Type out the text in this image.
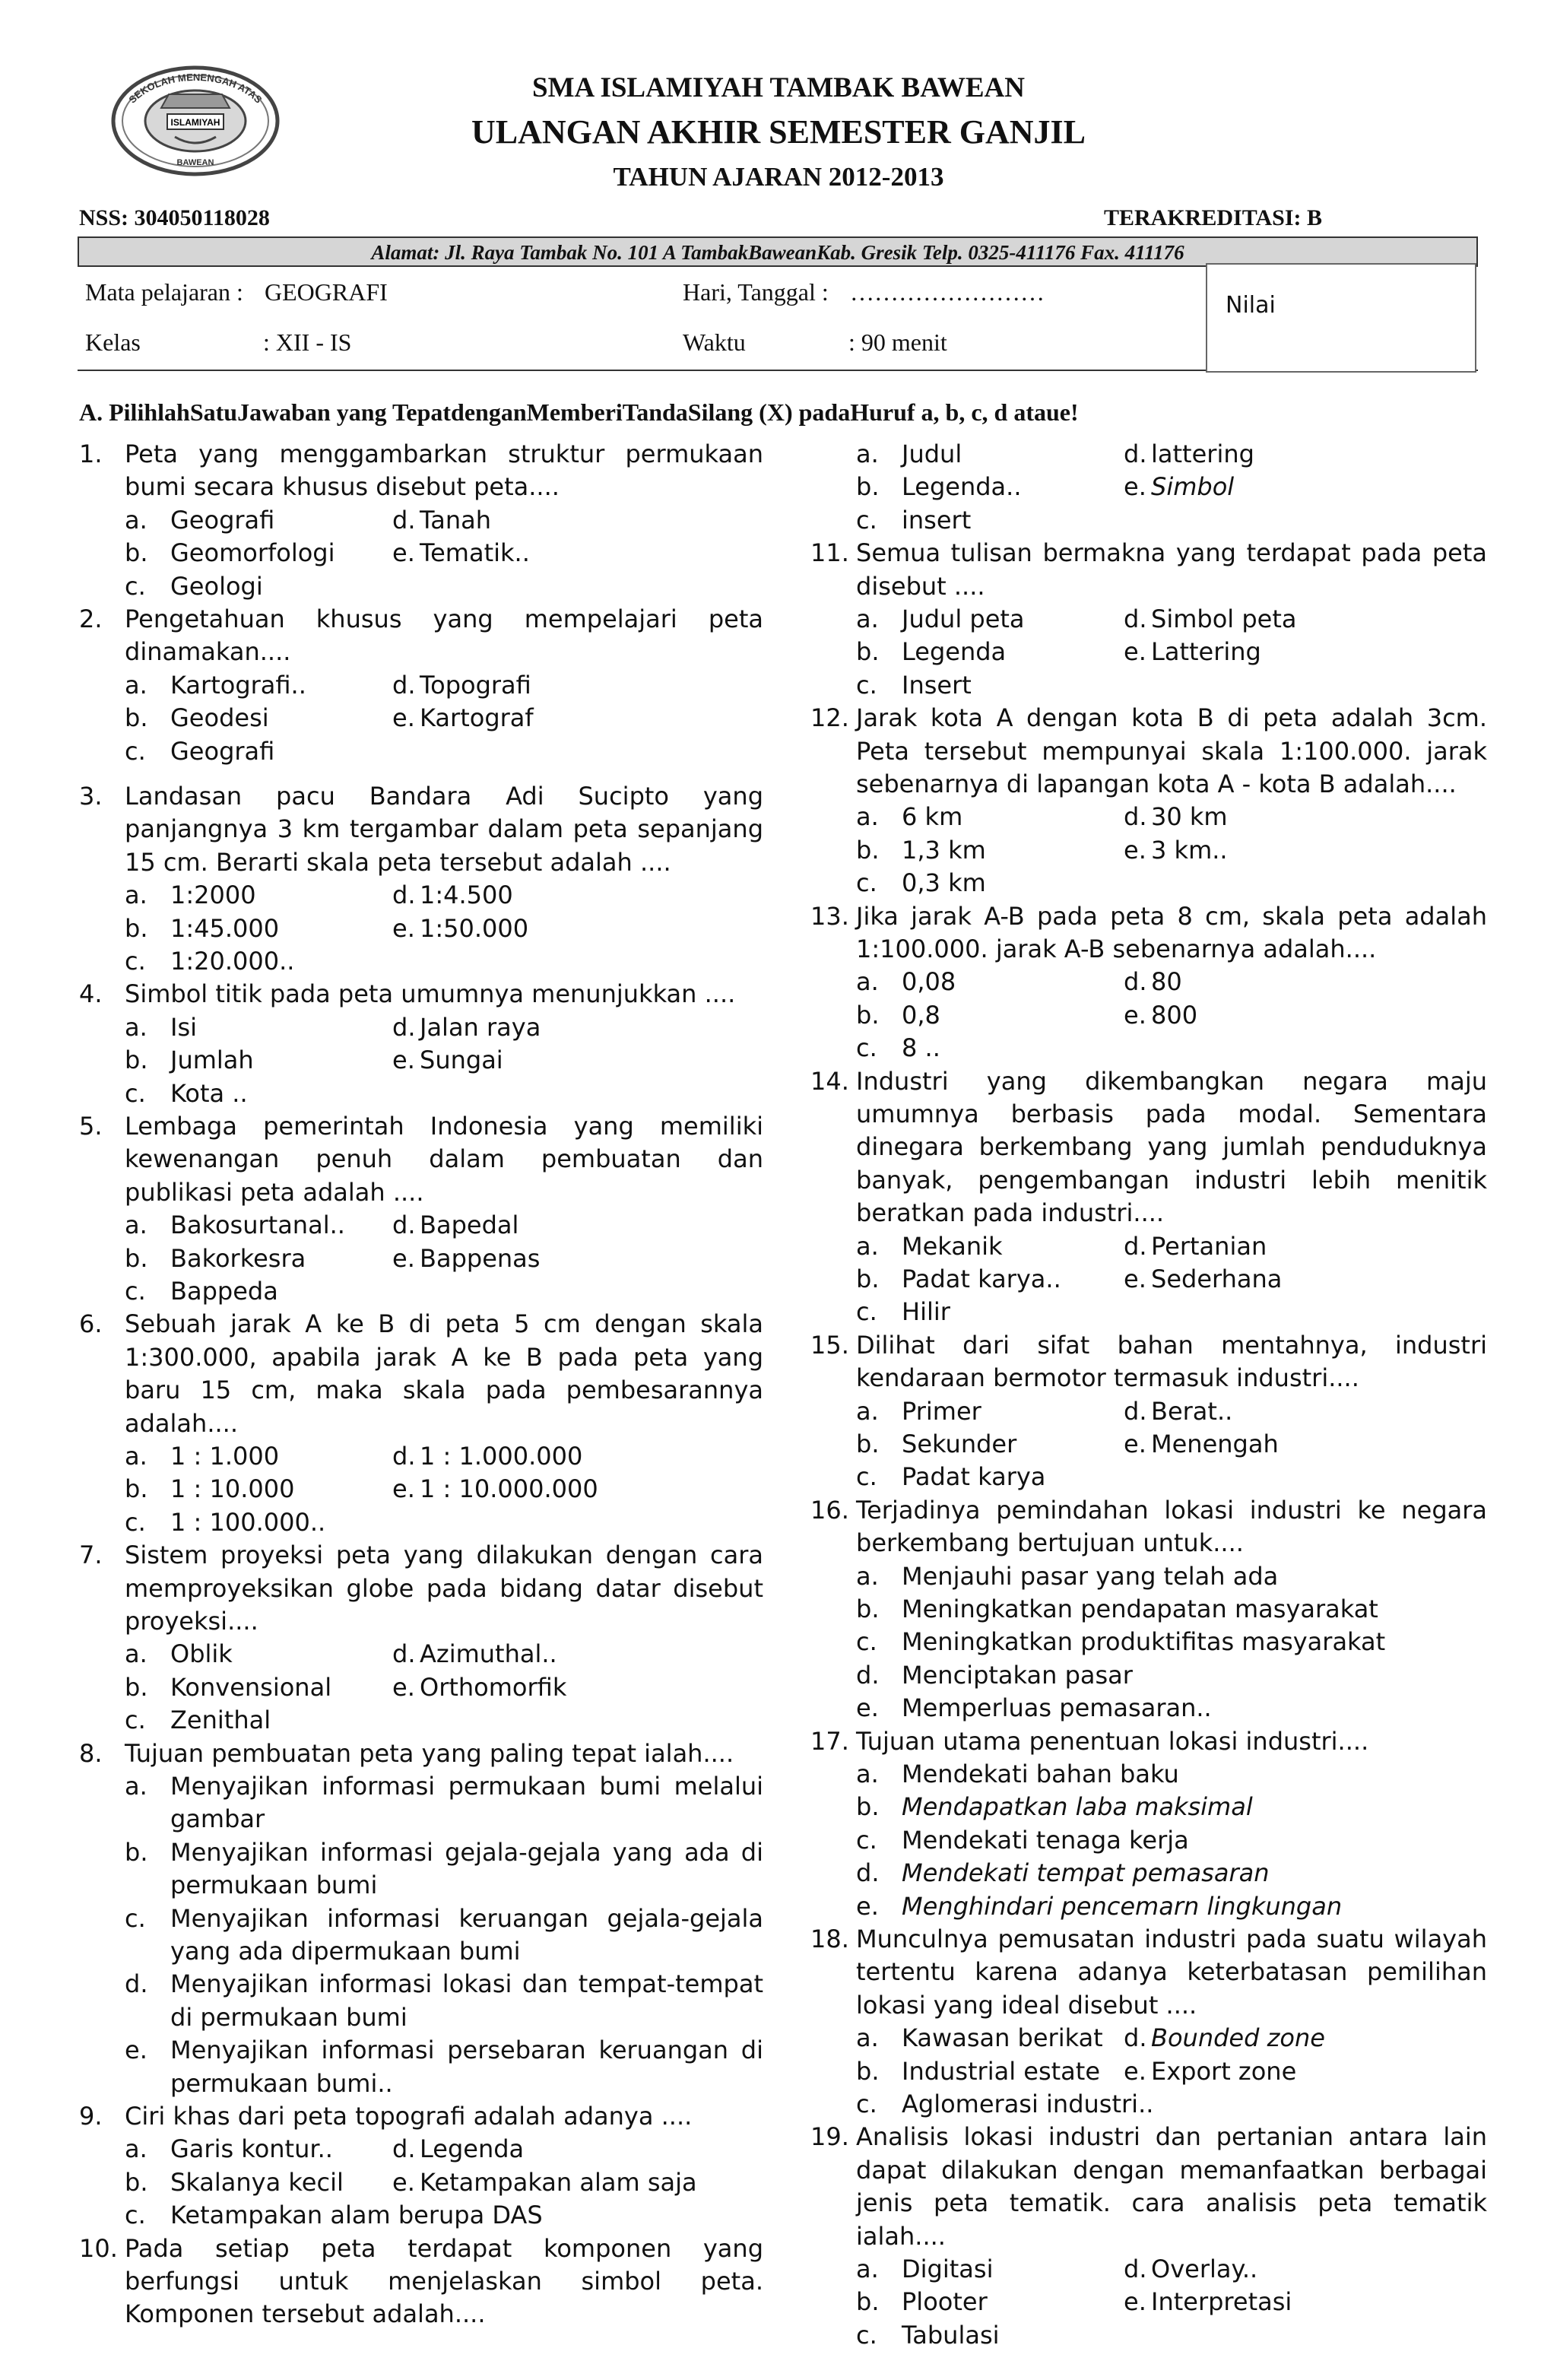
ISLAMIYAH
SEKOLAH MENENGAH ATAS
BAWEAN
SMA ISLAMIYAH TAMBAK BAWEAN
ULANGAN AKHIR SEMESTER GANJIL
TAHUN AJARAN 2012-2013
NSS: 304050118028	TERAKREDITASI: B
Alamat: Jl. Raya Tambak No. 101 A TambakBaweanKab. Gresik Telp. 0325-411176 Fax. 411176
Mata pelajaran : GEOGRAFI
Kelas	: XII - IS
Hari, Tanggal : ……………………
Waktu	: 90 menit
Nilai
A. PilihlahSatuJawaban yang TepatdenganMemberiTandaSilang (X) padaHuruf a, b, c, d ataue!
1. Peta yang menggambarkan struktur permukaan bumi secara khusus disebut peta....
a. Geografi
b. Geomorfologi
c. Geologi
d. Tanah
e. Tematik..
2. Pengetahuan khusus yang mempelajari peta dinamakan....
a. Kartografi..
b. Geodesi
c. Geografi
d. Topografi
e. Kartograf
3. Landasan pacu Bandara Adi Sucipto yang panjangnya 3 km tergambar dalam peta sepanjang 15 cm. Berarti skala peta tersebut adalah ....
a. 1:2000
b. 1:45.000
c. 1:20.000..
d. 1:4.500
e. 1:50.000
4. Simbol titik pada peta umumnya menunjukkan ....
a. Isi
b. Jumlah
c. Kota ..
d. Jalan raya
e. Sungai
5. Lembaga pemerintah Indonesia yang memiliki kewenangan penuh dalam pembuatan dan publikasi peta adalah ....
a. Bakosurtanal..
b. Bakorkesra
c. Bappeda
d. Bapedal
e. Bappenas
6. Sebuah jarak A ke B di peta 5 cm dengan skala 1:300.000, apabila jarak A ke B pada peta yang baru 15 cm, maka skala pada pembesarannya adalah....
a. 1 : 1.000
b. 1 : 10.000
c. 1 : 100.000..
d. 1 : 1.000.000
e. 1 : 10.000.000
7. Sistem proyeksi peta yang dilakukan dengan cara memproyeksikan globe pada bidang datar disebut proyeksi....
a. Oblik
b. Konvensional
c. Zenithal
d. Azimuthal..
e. Orthomorfik
8. Tujuan pembuatan peta yang paling tepat ialah....
a. Menyajikan informasi permukaan bumi melalui gambar
b. Menyajikan informasi gejala-gejala yang ada di permukaan bumi
c.	Menyajikan informasi keruangan gejala-gejala yang ada dipermukaan bumi
d. Menyajikan informasi lokasi dan tempat-tempat di permukaan bumi
e. Menyajikan informasi persebaran keruangan di permukaan bumi..
9. Ciri khas dari peta topografi adalah adanya ....
a. Garis kontur..
b. Skalanya kecil
c. Ketampakan alam berupa DAS
d. Legenda
e. Ketampakan alam saja
10. Pada setiap peta terdapat komponen yang berfungsi untuk menjelaskan simbol peta. Komponen tersebut adalah....
a. Judul
b. Legenda..
c. insert
d. lattering
e. Simbol
11. Semua tulisan bermakna yang terdapat pada peta disebut ....
a. Judul peta
b. Legenda
c. Insert
d. Simbol peta
e. Lattering
12. Jarak kota A dengan kota B di peta adalah 3cm. Peta tersebut mempunyai skala 1:100.000. jarak sebenarnya di lapangan kota A - kota B adalah....
a. 6 km
b. 1,3 km
c. 0,3 km
d. 30 km
e. 3 km..
13. Jika jarak A-B pada peta 8 cm, skala peta adalah 1:100.000. jarak A-B sebenarnya adalah....
a. 0,08
b. 0,8
c. 8 ..
d. 80
e. 800
14. Industri yang dikembangkan negara maju umumnya berbasis pada modal. Sementara dinegara berkembang yang jumlah penduduknya banyak, pengembangan industri lebih menitik beratkan pada industri....
a. Mekanik
b. Padat karya..
c. Hilir
d. Pertanian
e. Sederhana
15. Dilihat dari sifat bahan mentahnya, industri kendaraan bermotor termasuk industri....
a. Primer
b. Sekunder
c. Padat karya
d. Berat..
e. Menengah
16. Terjadinya pemindahan lokasi industri ke negara berkembang bertujuan untuk....
a. Menjauhi pasar yang telah ada
b. Meningkatkan pendapatan masyarakat
c.	Meningkatkan produktifitas masyarakat
d. Menciptakan pasar
e. Memperluas pemasaran..
17. Tujuan utama penentuan lokasi industri....
a. Mendekati bahan baku
b. Mendapatkan laba maksimal
c.	Mendekati tenaga kerja
d. Mendekati tempat pemasaran
e. Menghindari pencemarn lingkungan
18. Munculnya pemusatan industri pada suatu wilayah tertentu karena adanya keterbatasan pemilihan lokasi yang ideal disebut ....
a. Kawasan berikat
b. Industrial estate
c. Aglomerasi industri..
d. Bounded zone
e. Export zone
19. Analisis lokasi industri dan pertanian antara lain dapat dilakukan dengan memanfaatkan berbagai jenis peta tematik. cara analisis peta tematik ialah....
a. Digitasi
b. Plooter
c. Tabulasi
d. Overlay..
e. Interpretasi
